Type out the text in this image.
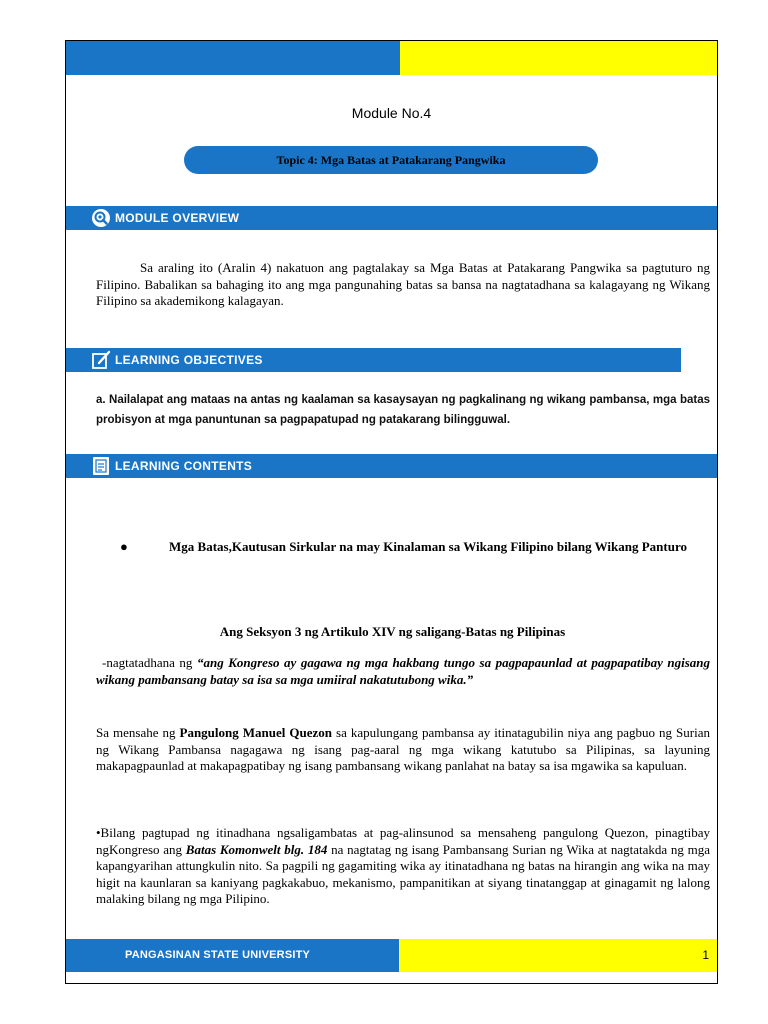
Module No.4
Topic 4: Mga Batas at Patakarang Pangwika
MODULE OVERVIEW
Sa araling ito (Aralin 4) nakatuon ang pagtalakay sa Mga Batas at Patakarang Pangwika sa pagtuturo ng Filipino. Babalikan sa bahaging ito ang mga pangunahing batas sa bansa na nagtatadhana sa kalagayang ng Wikang Filipino sa akademikong kalagayan.
LEARNING OBJECTIVES
a. Nailalapat ang mataas na antas ng kaalaman sa kasaysayan ng pagkalinang ng wikang pambansa, mga batas probisyon at mga panuntunan sa pagpapatupad ng patakarang bilingguwal.
LEARNING CONTENTS
●	Mga Batas,Kautusan Sirkular na may Kinalaman sa Wikang Filipino bilang Wikang Panturo
Ang Seksyon 3 ng Artikulo XIV ng saligang-Batas ng Pilipinas
-nagtatadhana ng “ang Kongreso ay gagawa ng mga hakbang tungo sa pagpapaunlad at pagpapatibay ngisang wikang pambansang batay sa isa sa mga umiiral nakatutubong wika.”
Sa mensahe ng Pangulong Manuel Quezon sa kapulungang pambansa ay itinatagubilin niya ang pagbuo ng Surian ng Wikang Pambansa nagagawa ng isang pag-aaral ng mga wikang katutubo sa Pilipinas, sa layuning makapagpaunlad at makapagpatibay ng isang pambansang wikang panlahat na batay sa isa mgawika sa kapuluan.
•Bilang pagtupad ng itinadhana ngsaligambatas at pag-alinsunod sa mensaheng pangulong Quezon, pinagtibay ngKongreso ang Batas Komonwelt blg. 184 na nagtatag ng isang Pambansang Surian ng Wika at nagtatakda ng mga kapangyarihan attungkulin nito. Sa pagpili ng gagamiting wika ay itinatadhana ng batas na hirangin ang wika na may higit na kaunlaran sa kaniyang pagkakabuo, mekanismo, pampanitikan at siyang tinatanggap at ginagamit ng lalong malaking bilang ng mga Pilipino.
PANGASINAN STATE UNIVERSITY	1
